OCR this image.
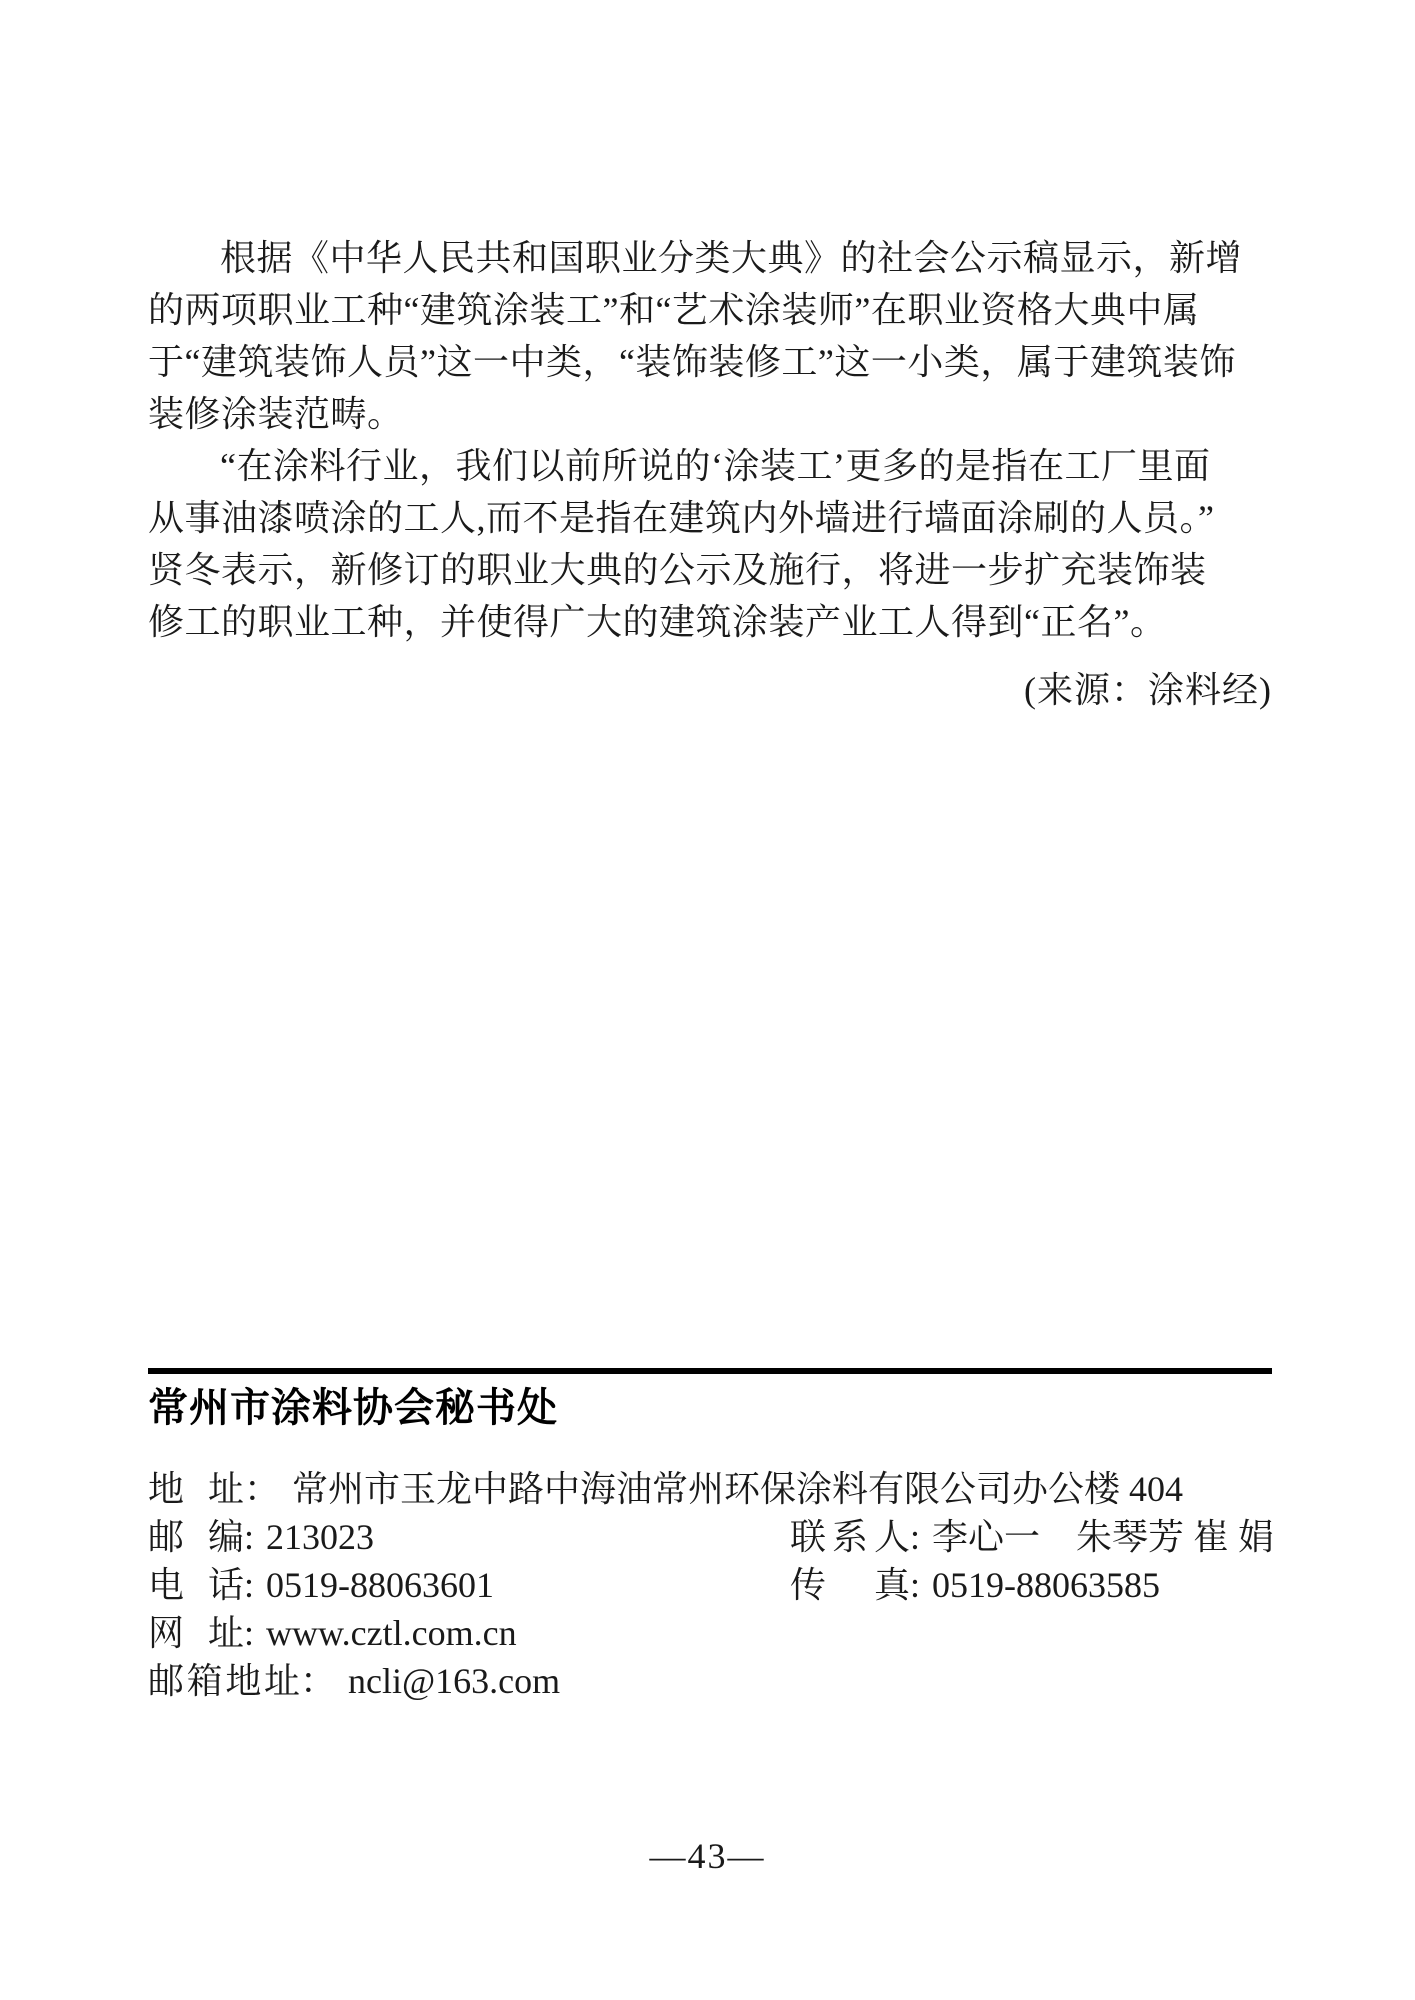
根据《中华人民共和国职业分类大典》的社会公示稿显示，新增
的两项职业工种“建筑涂装工”和“艺术涂装师”在职业资格大典中属
于“建筑装饰人员”这一中类，“装饰装修工”这一小类，属于建筑装饰
装修涂装范畴。

“在涂料行业，我们以前所说的‘涂装工’更多的是指在工厂里面
从事油漆喷涂的工人,而不是指在建筑内外墙进行墙面涂刷的人员。”
贤冬表示，新修订的职业大典的公示及施行，将进一步扩充装饰装
修工的职业工种，并使得广大的建筑涂装产业工人得到“正名”。

(来源：涂料经)
常州市涂料协会秘书处
地址： 常州市玉龙中路中海油常州环保涂料有限公司办公楼 404
邮编: 213023	联系人: 李心一　朱琴芳 崔 娟
电话: 0519-88063601	传真: 0519-88063585
网址: www.cztl.com.cn
邮箱地址： ncli@163.com
—43—
